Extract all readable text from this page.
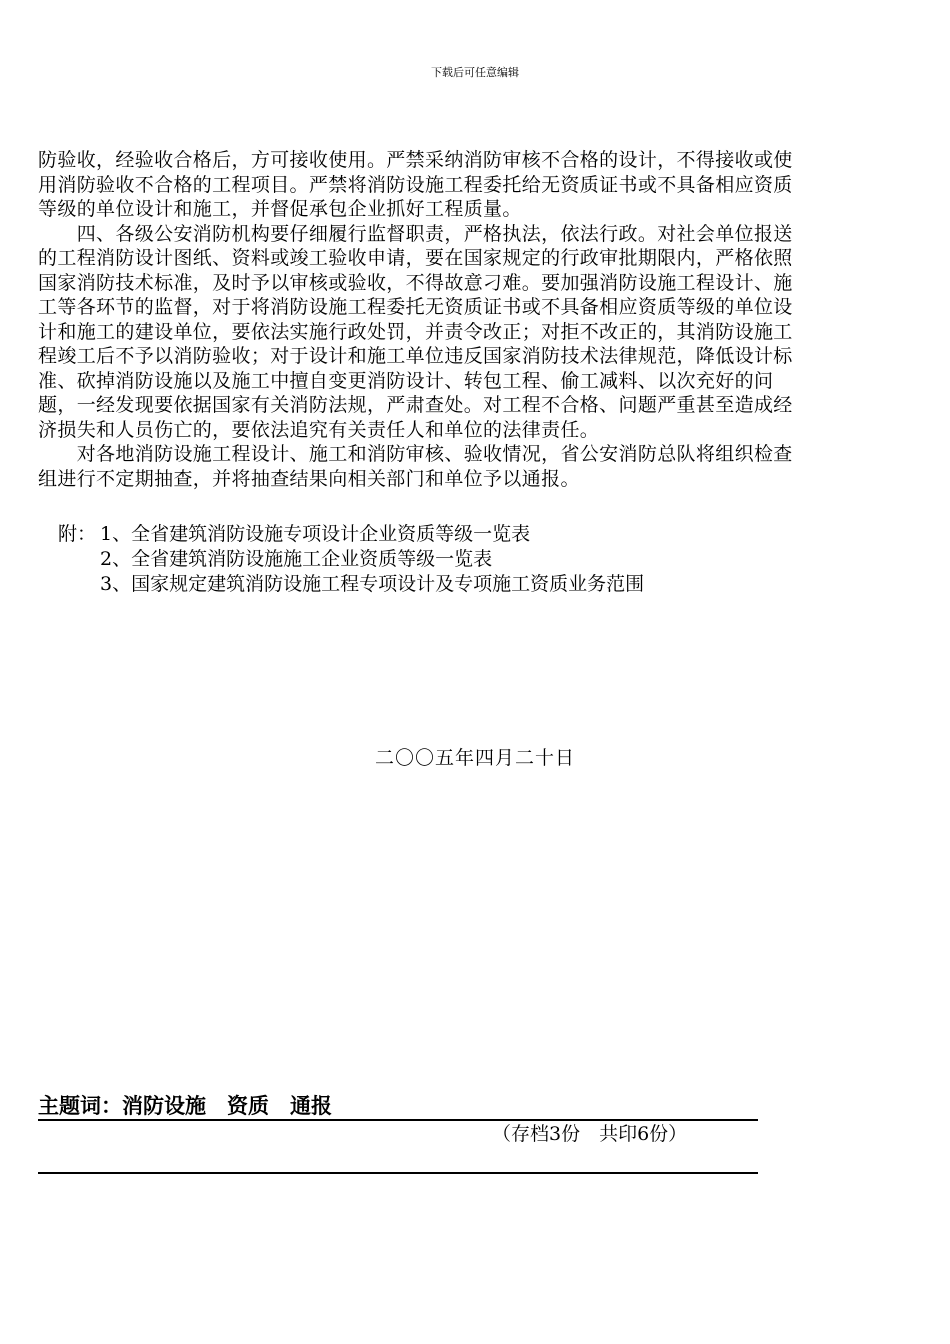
下载后可任意编辑

防验收，经验收合格后，方可接收使用。严禁采纳消防审核不合格的设计，不得接收或使

用消防验收不合格的工程项目。严禁将消防设施工程委托给无资质证书或不具备相应资质

等级的单位设计和施工，并督促承包企业抓好工程质量。

　　四、各级公安消防机构要仔细履行监督职责，严格执法，依法行政。对社会单位报送

的工程消防设计图纸、资料或竣工验收申请，要在国家规定的行政审批期限内，严格依照

国家消防技术标准，及时予以审核或验收，不得故意刁难。要加强消防设施工程设计、施

工等各环节的监督，对于将消防设施工程委托无资质证书或不具备相应资质等级的单位设

计和施工的建设单位，要依法实施行政处罚，并责令改正；对拒不改正的，其消防设施工

程竣工后不予以消防验收；对于设计和施工单位违反国家消防技术法律规范，降低设计标

准、砍掉消防设施以及施工中擅自变更消防设计、转包工程、偷工减料、以次充好的问

题，一经发现要依据国家有关消防法规，严肃查处。对工程不合格、问题严重甚至造成经

济损失和人员伤亡的，要依法追究有关责任人和单位的法律责任。

　　对各地消防设施工程设计、施工和消防审核、验收情况，省公安消防总队将组织检查

组进行不定期抽查，并将抽查结果向相关部门和单位予以通报。

附： 1、全省建筑消防设施专项设计企业资质等级一览表
2、全省建筑消防设施施工企业资质等级一览表
3、国家规定建筑消防设施工程专项设计及专项施工资质业务范围
二〇〇五年四月二十日
主题词：消防设施　资质　通报
（存档3份　共印6份）
